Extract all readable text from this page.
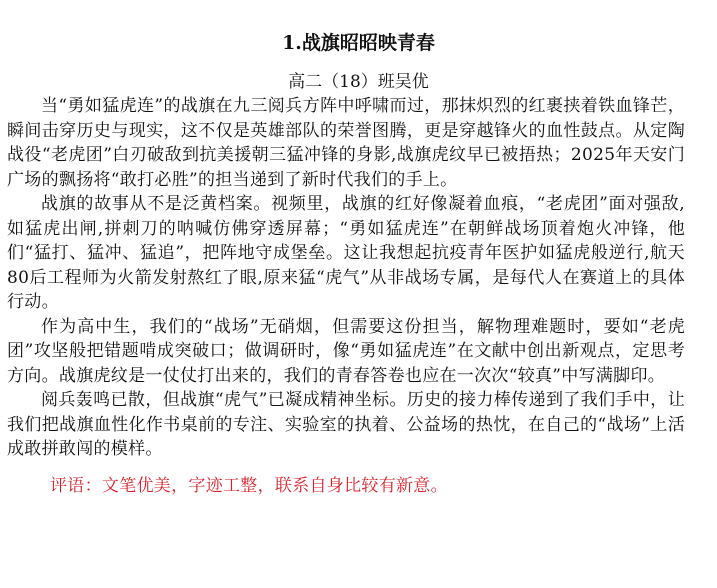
1.战旗昭昭映青春

高二（18）班吴优

当“勇如猛虎连”的战旗在九三阅兵方阵中呼啸而过，那抹炽烈的红裹挟着铁血锋芒，瞬间击穿历史与现实，这不仅是英雄部队的荣誉图腾，更是穿越锋火的血性鼓点。从定陶战役“老虎团”白刃破敌到抗美援朝三猛冲锋的身影,战旗虎纹早已被捂热；2025年天安门广场的飘扬将“敢打必胜”的担当递到了新时代我们的手上。

战旗的故事从不是泛黄档案。视频里，战旗的红好像凝着血痕，“老虎团”面对强敌,如猛虎出闸,拼刺刀的呐喊仿佛穿透屏幕；“勇如猛虎连”在朝鲜战场顶着炮火冲锋，他们“猛打、猛冲、猛追”，把阵地守成堡垒。这让我想起抗疫青年医护如猛虎般逆行,航天80后工程师为火箭发射熬红了眼,原来猛“虎气”从非战场专属，是每代人在赛道上的具体行动。

作为高中生，我们的“战场”无硝烟，但需要这份担当，解物理难题时，要如“老虎团”攻坚般把错题啃成突破口；做调研时，像“勇如猛虎连”在文献中创出新观点，定思考方向。战旗虎纹是一仗仗打出来的，我们的青春答卷也应在一次次“较真”中写满脚印。

阅兵轰鸣已散，但战旗“虎气”已凝成精神坐标。历史的接力棒传递到了我们手中，让我们把战旗血性化作书桌前的专注、实验室的执着、公益场的热忱，在自己的“战场”上活成敢拼敢闯的模样。

评语：文笔优美，字迹工整，联系自身比较有新意。
